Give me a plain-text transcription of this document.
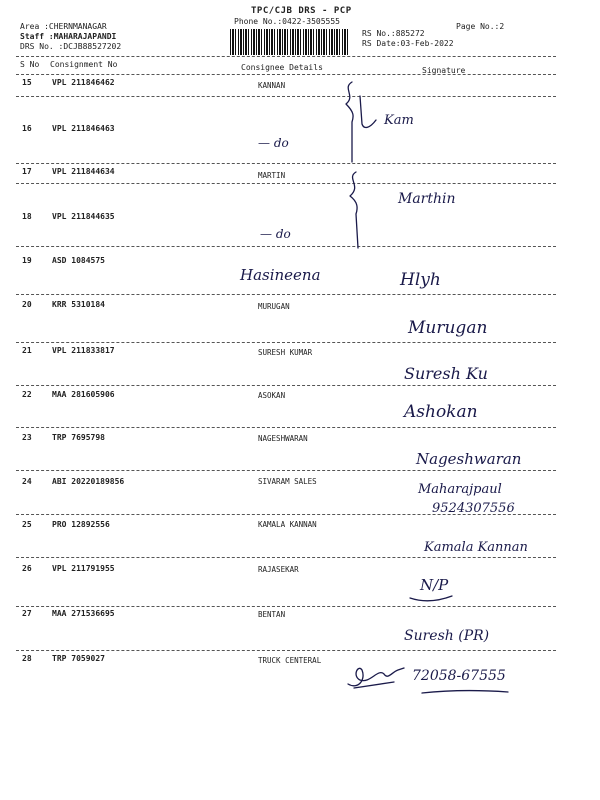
Area :CHERNMANAGAR
Staff :MAHARAJAPANDI
DRS No. :DCJB88527202
TPC/CJB DRS - PCP
Phone No.:0422-3505555
Page No.:2
RS No.:885272
RS Date:03-Feb-2022
S No Consignment No	Consignee Details	Signature
15	VPL 211846462	KANNAN
Kam
16	VPL 211846463
— do
17	VPL 211844634	MARTIN
Marthin
18	VPL 211844635
— do
19	ASD 1084575
Hasineena	Hlyh
20	KRR 5310184	MURUGAN
Murugan
21	VPL 211833817	SURESH KUMAR
Suresh Ku
22	MAA 281605906	ASOKAN
Ashokan
23	TRP 7695798	NAGESHWARAN
Nageshwaran
24	ABI 20220189856	SIVARAM SALES
Maharajpaul
9524307556
25	PRO 12892556	KAMALA KANNAN
Kamala Kannan
26	VPL 211791955	RAJASEKAR
N/P
27	MAA 271536695	BENTAN
Suresh (PR)
28	TRP 7059027	TRUCK CENTERAL
72058-67555
